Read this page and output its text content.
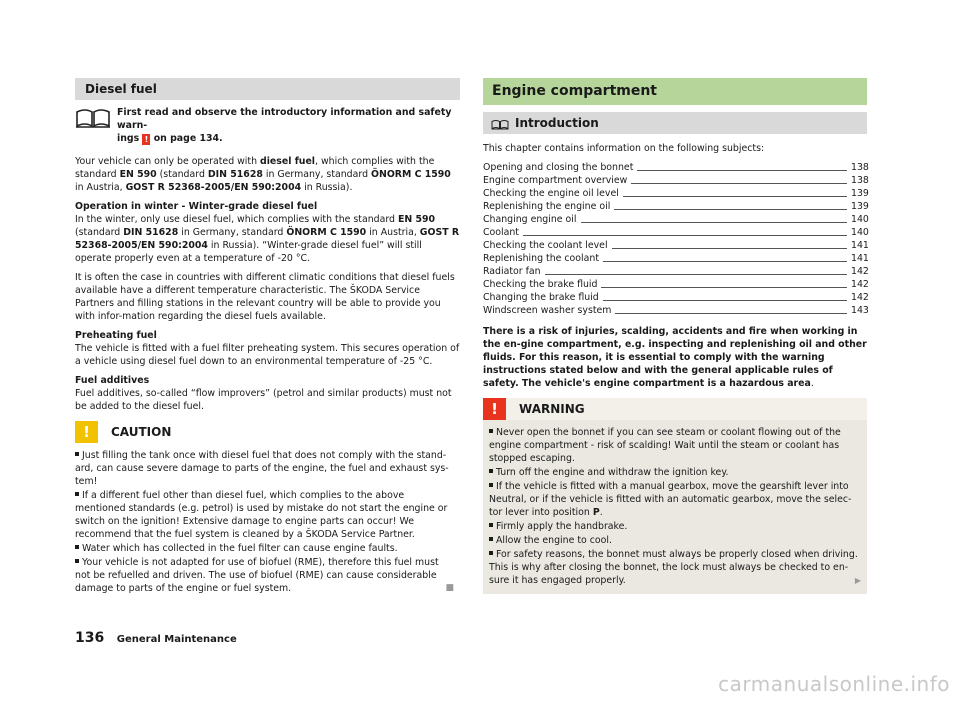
Diesel fuel
First read and observe the introductory information and safety warn-
ings ! on page 134.

Your vehicle can only be operated with diesel fuel, which complies with the standard EN 590 (standard DIN 51628 in Germany, standard ÖNORM C 1590 in Austria, GOST R 52368-2005/EN 590:2004 in Russia).

Operation in winter - Winter-grade diesel fuel
In the winter, only use diesel fuel, which complies with the standard EN 590 (standard DIN 51628 in Germany, standard ÖNORM C 1590 in Austria, GOST R 52368-2005/EN 590:2004 in Russia). “Winter-grade diesel fuel” will still operate properly even at a temperature of -20 °C.

It is often the case in countries with different climatic conditions that diesel fuels available have a different temperature characteristic. The ŠKODA Service Partners and filling stations in the relevant country will be able to provide you with infor-mation regarding the diesel fuels available.

Preheating fuel
The vehicle is fitted with a fuel filter preheating system. This secures operation of a vehicle using diesel fuel down to an environmental temperature of -25 °C.

Fuel additives
Fuel additives, so-called “flow improvers” (petrol and similar products) must not be added to the diesel fuel.

!	CAUTION
Just filling the tank once with diesel fuel that does not comply with the stand-ard, can cause severe damage to parts of the engine, the fuel and exhaust sys-tem!
If a different fuel other than diesel fuel, which complies to the above mentioned standards (e.g. petrol) is used by mistake do not start the engine or switch on the ignition! Extensive damage to engine parts can occur! We recommend that the fuel system is cleaned by a ŠKODA Service Partner.
Water which has collected in the fuel filter can cause engine faults.
Your vehicle is not adapted for use of biofuel (RME), therefore this fuel must not be refuelled and driven. The use of biofuel (RME) can cause considerable damage to parts of the engine or fuel system.	■
Engine compartment
Introduction

This chapter contains information on the following subjects:

Opening and closing the bonnet	138
Engine compartment overview	138
Checking the engine oil level	139
Replenishing the engine oil	139
Changing engine oil	140
Coolant	140
Checking the coolant level	141
Replenishing the coolant	141
Radiator fan	142
Checking the brake fluid	142
Changing the brake fluid	142
Windscreen washer system	143

There is a risk of injuries, scalding, accidents and fire when working in the en-gine compartment, e.g. inspecting and replenishing oil and other fluids. For this reason, it is essential to comply with the warning instructions stated below and with the general applicable rules of safety. The vehicle's engine compartment is a hazardous area.

!	WARNING
Never open the bonnet if you can see steam or coolant flowing out of the engine compartment - risk of scalding! Wait until the steam or coolant has stopped escaping.
Turn off the engine and withdraw the ignition key.
If the vehicle is fitted with a manual gearbox, move the gearshift lever into Neutral, or if the vehicle is fitted with an automatic gearbox, move the selec-tor lever into position P.
Firmly apply the handbrake.
Allow the engine to cool.
For safety reasons, the bonnet must always be properly closed when driving. This is why after closing the bonnet, the lock must always be checked to en-sure it has engaged properly.	▶
136 General Maintenance
carmanualsonline.info
